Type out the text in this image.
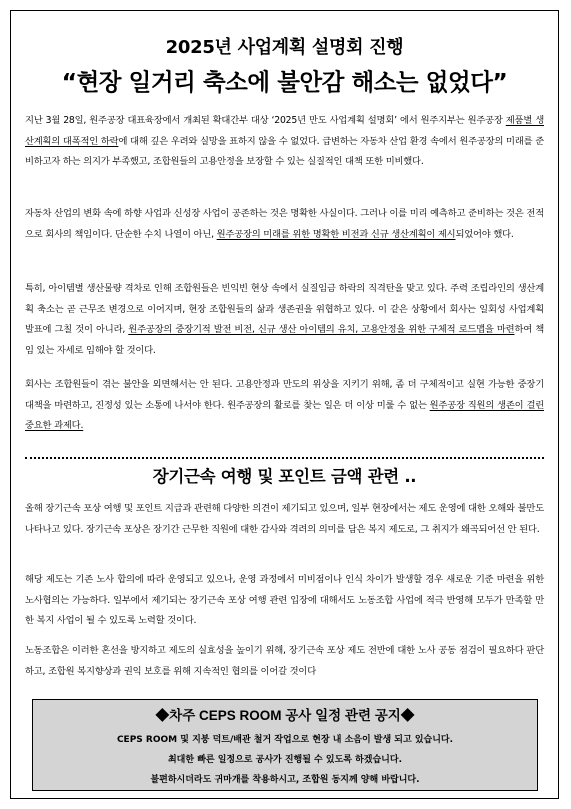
2025년 사업계획 설명회 진행
“현장 일거리 축소에 불안감 해소는 없었다”
지난 3월 28일, 원주공장 대표육장에서 개최된 확대간부 대상 ‘2025년 만도 사업계획 설명회’ 에서 원주지부는 원주공장 제품별 생산계획의 대폭적인 하락에 대해 깊은 우려와 실망을 표하지 않을 수 없었다. 급변하는 자동차 산업 환경 속에서 원주공장의 미래를 준비하고자 하는 의지가 부족했고, 조합원들의 고용안정을 보장할 수 있는 실질적인 대책 또한 미비했다.
자동차 산업의 변화 속에 하향 사업과 신성장 사업이 공존하는 것은 명확한 사실이다. 그러나 이를 미리 예측하고 준비하는 것은 전적으로 회사의 책임이다. 단순한 수치 나열이 아닌, 원주공장의 미래를 위한 명확한 비전과 신규 생산계획이 제시되었어야 했다.
특히, 아이템별 생산물량 격차로 인해 조합원들은 빈익빈 현상 속에서 실질임금 하락의 직격탄을 맞고 있다. 주력 조립라인의 생산계획 축소는 곧 근무조 변경으로 이어지며, 현장 조합원들의 삶과 생존권을 위협하고 있다. 이 같은 상황에서 회사는 일회성 사업계획 발표에 그칠 것이 아니라, 원주공장의 중장기적 발전 비전, 신규 생산 아이템의 유치, 고용안정을 위한 구체적 로드맵을 마련하여 책임 있는 자세로 임해야 할 것이다.
회사는 조합원들이 겪는 불안을 외면해서는 안 된다. 고용안정과 만도의 위상을 지키기 위해, 좀 더 구체적이고 실현 가능한 중장기 대책을 마련하고, 진정성 있는 소통에 나서야 한다. 원주공장의 활로를 찾는 일은 더 이상 미룰 수 없는 원주공장 직원의 생존이 걸린 중요한 과제다.
장기근속 여행 및 포인트 금액 관련 ..
올해 장기근속 포상 여행 및 포인트 지급과 관련해 다양한 의견이 제기되고 있으며, 일부 현장에서는 제도 운영에 대한 오해와 불만도 나타나고 있다. 장기근속 포상은 장기간 근무한 직원에 대한 감사와 격려의 의미를 담은 복지 제도로, 그 취지가 왜곡되어선 안 된다.
해당 제도는 기존 노사 합의에 따라 운영되고 있으나, 운영 과정에서 미비점이나 인식 차이가 발생할 경우 새로운 기준 마련을 위한 노사협의는 가능하다. 일부에서 제기되는 장기근속 포상 여행 관련 입장에 대해서도 노동조합 사업에 적극 반영해 모두가 만족할 만한 복지 사업이 될 수 있도록 노력할 것이다.
노동조합은 이러한 혼선을 방지하고 제도의 실효성을 높이기 위해, 장기근속 포상 제도 전반에 대한 노사 공동 점검이 필요하다 판단하고, 조합원 복지향상과 권익 보호를 위해 지속적인 협의를 이어갈 것이다
◆차주 CEPS ROOM 공사 일정 관련 공지◆
CEPS ROOM 및 지붕 덕트/배관 철거 작업으로 현장 내 소음이 발생 되고 있습니다.
최대한 빠른 일정으로 공사가 진행될 수 있도록 하겠습니다.
불편하시더라도 귀마개를 착용하시고, 조합원 동지께 양해 바랍니다.
